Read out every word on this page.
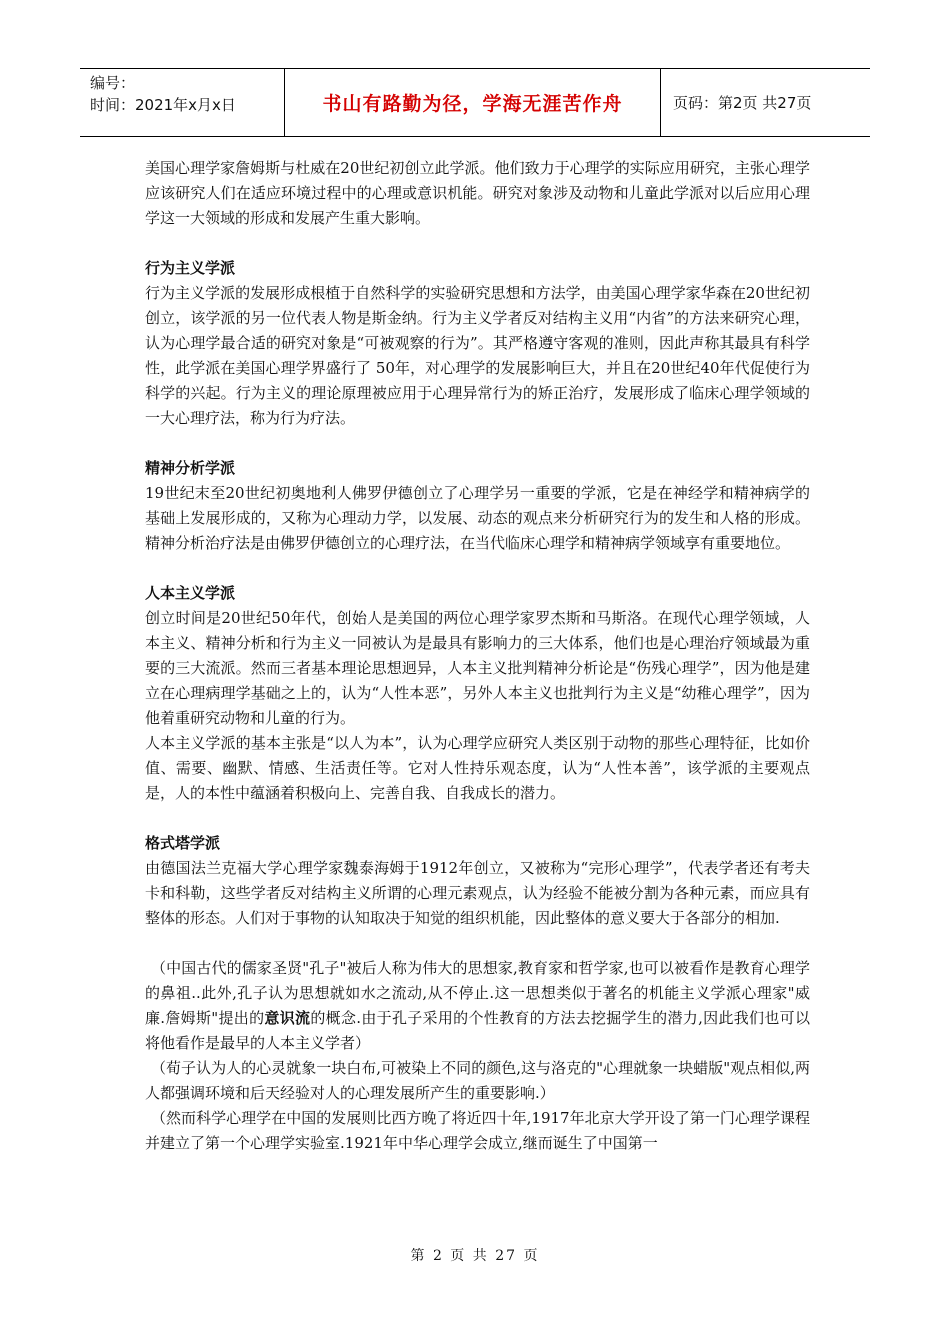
编号：
时间：2021年x月x日	书山有路勤为径，学海无涯苦作舟	页码：第2页 共27页

美国心理学家詹姆斯与杜威在20世纪初创立此学派。他们致力于心理学的实际应用研究，主张心理学应该研究人们在适应环境过程中的心理或意识机能。研究对象涉及动物和儿童此学派对以后应用心理学这一大领域的形成和发展产生重大影响。

行为主义学派

行为主义学派的发展形成根植于自然科学的实验研究思想和方法学，由美国心理学家华森在20世纪初创立，该学派的另一位代表人物是斯金纳。行为主义学者反对结构主义用“内省”的方法来研究心理，认为心理学最合适的研究对象是“可被观察的行为”。其严格遵守客观的准则，因此声称其最具有科学性，此学派在美国心理学界盛行了 50年，对心理学的发展影响巨大，并且在20世纪40年代促使行为科学的兴起。行为主义的理论原理被应用于心理异常行为的矫正治疗，发展形成了临床心理学领域的一大心理疗法，称为行为疗法。

精神分析学派

19世纪末至20世纪初奥地利人佛罗伊德创立了心理学另一重要的学派，它是在神经学和精神病学的基础上发展形成的，又称为心理动力学，以发展、动态的观点来分析研究行为的发生和人格的形成。精神分析治疗法是由佛罗伊德创立的心理疗法，在当代临床心理学和精神病学领域享有重要地位。

人本主义学派

创立时间是20世纪50年代，创始人是美国的两位心理学家罗杰斯和马斯洛。在现代心理学领域，人本主义、精神分析和行为主义一同被认为是最具有影响力的三大体系，他们也是心理治疗领域最为重要的三大流派。然而三者基本理论思想迥异，人本主义批判精神分析论是“伤残心理学”，因为他是建立在心理病理学基础之上的，认为“人性本恶”，另外人本主义也批判行为主义是“幼稚心理学”，因为他着重研究动物和儿童的行为。

人本主义学派的基本主张是“以人为本”，认为心理学应研究人类区别于动物的那些心理特征，比如价值、需要、幽默、情感、生活责任等。它对人性持乐观态度，认为“人性本善”，该学派的主要观点是，人的本性中蕴涵着积极向上、完善自我、自我成长的潜力。

格式塔学派

由德国法兰克福大学心理学家魏泰海姆于1912年创立，又被称为“完形心理学”，代表学者还有考夫卡和科勒，这些学者反对结构主义所谓的心理元素观点，认为经验不能被分割为各种元素，而应具有整体的形态。人们对于事物的认知取决于知觉的组织机能，因此整体的意义要大于各部分的相加.

（中国古代的儒家圣贤"孔子"被后人称为伟大的思想家,教育家和哲学家,也可以被看作是教育心理学的鼻祖..此外,孔子认为思想就如水之流动,从不停止.这一思想类似于著名的机能主义学派心理家"威廉.詹姆斯"提出的意识流的概念.由于孔子采用的个性教育的方法去挖掘学生的潜力,因此我们也可以将他看作是最早的人本主义学者）

（荀子认为人的心灵就象一块白布,可被染上不同的颜色,这与洛克的"心理就象一块蜡版"观点相似,两人都强调环境和后天经验对人的心理发展所产生的重要影响.）

（然而科学心理学在中国的发展则比西方晚了将近四十年,1917年北京大学开设了第一门心理学课程并建立了第一个心理学实验室.1921年中华心理学会成立,继而诞生了中国第一

第 2 页 共 27 页
